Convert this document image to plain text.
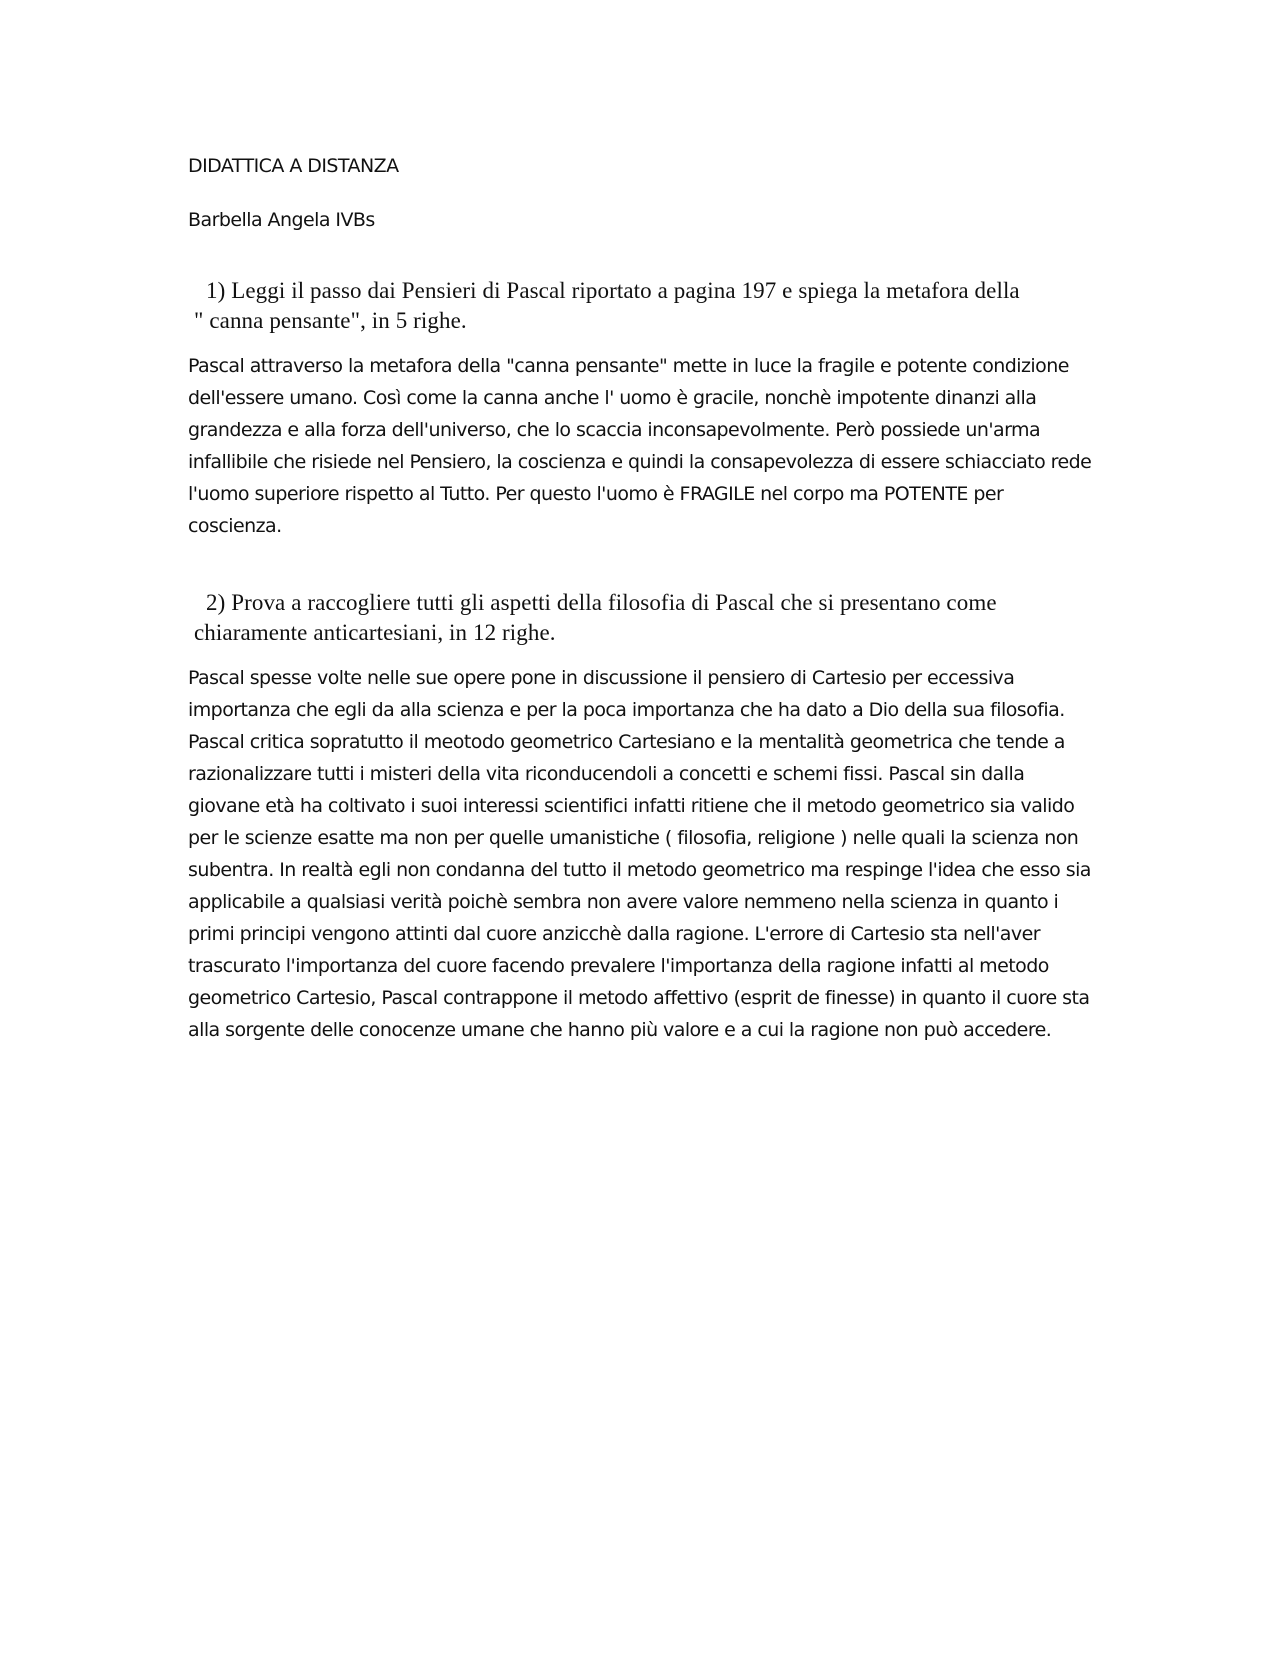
DIDATTICA A DISTANZA

Barbella Angela IVBs

1) Leggi il passo dai Pensieri di Pascal riportato a pagina 197 e spiega la metafora della
" canna pensante", in 5 righe.

Pascal attraverso la metafora della "canna pensante" mette in luce la fragile e potente condizione dell'essere umano. Così come la canna anche l' uomo è gracile, nonchè impotente dinanzi alla grandezza e alla forza dell'universo, che lo scaccia inconsapevolmente. Però possiede un'arma infallibile che risiede nel Pensiero, la coscienza e quindi la consapevolezza di essere schiacciato rede l'uomo superiore rispetto al Tutto. Per questo l'uomo è FRAGILE nel corpo ma POTENTE per coscienza.

2) Prova a raccogliere tutti gli aspetti della filosofia di Pascal che si presentano come
chiaramente anticartesiani, in 12 righe.

Pascal spesse volte nelle sue opere pone in discussione il pensiero di Cartesio per eccessiva importanza che egli da alla scienza e per la poca importanza che ha dato a Dio della sua filosofia. Pascal critica sopratutto il meotodo geometrico Cartesiano e la mentalità geometrica che tende a razionalizzare tutti i misteri della vita riconducendoli a concetti e schemi fissi. Pascal sin dalla giovane età ha coltivato i suoi interessi scientifici infatti ritiene che il metodo geometrico sia valido per le scienze esatte ma non per quelle umanistiche ( filosofia, religione ) nelle quali la scienza non subentra. In realtà egli non condanna del tutto il metodo geometrico ma respinge l'idea che esso sia applicabile a qualsiasi verità poichè sembra non avere valore nemmeno nella scienza in quanto i primi principi vengono attinti dal cuore anzicchè dalla ragione. L'errore di Cartesio sta nell'aver trascurato l'importanza del cuore facendo prevalere l'importanza della ragione infatti al metodo geometrico Cartesio, Pascal contrappone il metodo affettivo (esprit de finesse) in quanto il cuore sta alla sorgente delle conocenze umane che hanno più valore e a cui la ragione non può accedere.
